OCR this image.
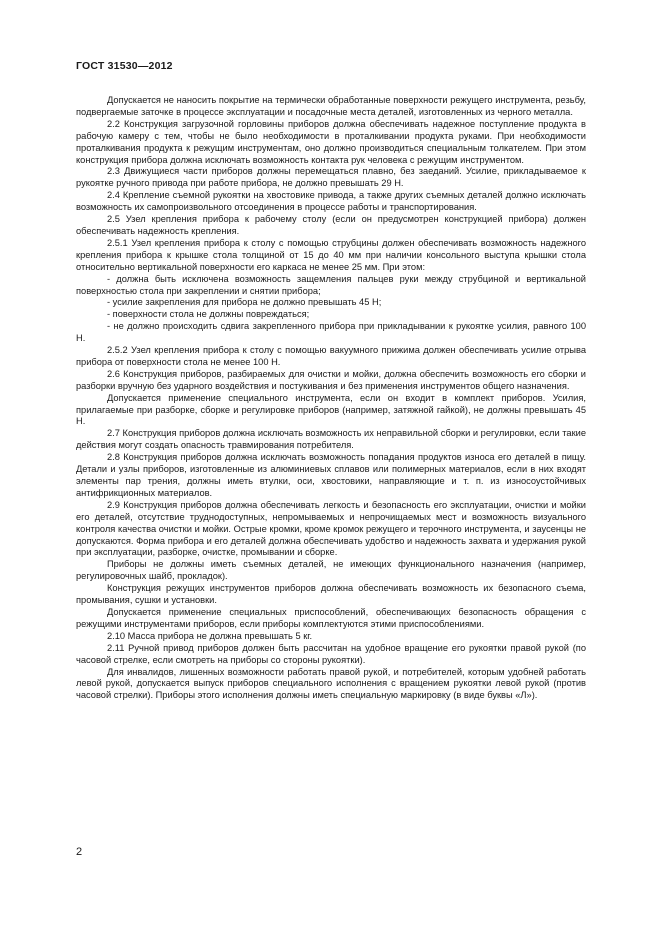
ГОСТ 31530—2012

Допускается не наносить покрытие на термически обработанные поверхности режущего инструмента, резьбу, подвергаемые заточке в процессе эксплуатации и посадочные места деталей, изготовленных из черного металла.

2.2 Конструкция загрузочной горловины приборов должна обеспечивать надежное поступление продукта в рабочую камеру с тем, чтобы не было необходимости в проталкивании продукта руками. При необходимости проталкивания продукта к режущим инструментам, оно должно производиться специальным толкателем. При этом конструкция прибора должна исключать возможность контакта рук человека с режущим инструментом.

2.3 Движущиеся части приборов должны перемещаться плавно, без заеданий. Усилие, прикладываемое к рукоятке ручного привода при работе прибора, не должно превышать 29 Н.

2.4 Крепление съемной рукоятки на хвостовике привода, а также других съемных деталей должно исключать возможность их самопроизвольного отсоединения в процессе работы и транспортирования.

2.5 Узел крепления прибора к рабочему столу (если он предусмотрен конструкцией прибора) должен обеспечивать надежность крепления.

2.5.1 Узел крепления прибора к столу с помощью струбцины должен обеспечивать возможность надежного крепления прибора к крышке стола толщиной от 15 до 40 мм при наличии консольного выступа крышки стола относительно вертикальной поверхности его каркаса не менее 25 мм. При этом:

- должна быть исключена возможность защемления пальцев руки между струбциной и вертикальной поверхностью стола при закреплении и снятии прибора;

- усилие закрепления для прибора не должно превышать 45 Н;

- поверхности стола не должны повреждаться;

- не должно происходить сдвига закрепленного прибора при прикладывании к рукоятке усилия, равного 100 Н.

2.5.2 Узел крепления прибора к столу с помощью вакуумного прижима должен обеспечивать усилие отрыва прибора от поверхности стола не менее 100 Н.

2.6 Конструкция приборов, разбираемых для очистки и мойки, должна обеспечить возможность его сборки и разборки вручную без ударного воздействия и постукивания и без применения инструментов общего назначения.

Допускается применение специального инструмента, если он входит в комплект приборов. Усилия, прилагаемые при разборке, сборке и регулировке приборов (например, затяжной гайкой), не должны превышать 45 Н.

2.7 Конструкция приборов должна исключать возможность их неправильной сборки и регулировки, если такие действия могут создать опасность травмирования потребителя.

2.8 Конструкция приборов должна исключать возможность попадания продуктов износа его деталей в пищу. Детали и узлы приборов, изготовленные из алюминиевых сплавов или полимерных материалов, если в них входят элементы пар трения, должны иметь втулки, оси, хвостовики, направляющие и т. п. из износоустойчивых антифрикционных материалов.

2.9 Конструкция приборов должна обеспечивать легкость и безопасность его эксплуатации, очистки и мойки его деталей, отсутствие труднодоступных, непромываемых и непрочищаемых мест и возможность визуального контроля качества очистки и мойки. Острые кромки, кроме кромок режущего и терочного инструмента, и заусенцы не допускаются. Форма прибора и его деталей должна обеспечивать удобство и надежность захвата и удержания рукой при эксплуатации, разборке, очистке, промывании и сборке.

Приборы не должны иметь съемных деталей, не имеющих функционального назначения (например, регулировочных шайб, прокладок).

Конструкция режущих инструментов приборов должна обеспечивать возможность их безопасного съема, промывания, сушки и установки.

Допускается применение специальных приспособлений, обеспечивающих безопасность обращения с режущими инструментами приборов, если приборы комплектуются этими приспособлениями.

2.10 Масса прибора не должна превышать 5 кг.

2.11 Ручной привод приборов должен быть рассчитан на удобное вращение его рукоятки правой рукой (по часовой стрелке, если смотреть на приборы со стороны рукоятки).

Для инвалидов, лишенных возможности работать правой рукой, и потребителей, которым удобней работать левой рукой, допускается выпуск приборов специального исполнения с вращением рукоятки левой рукой (против часовой стрелки). Приборы этого исполнения должны иметь специальную маркировку (в виде буквы «Л»).

2
